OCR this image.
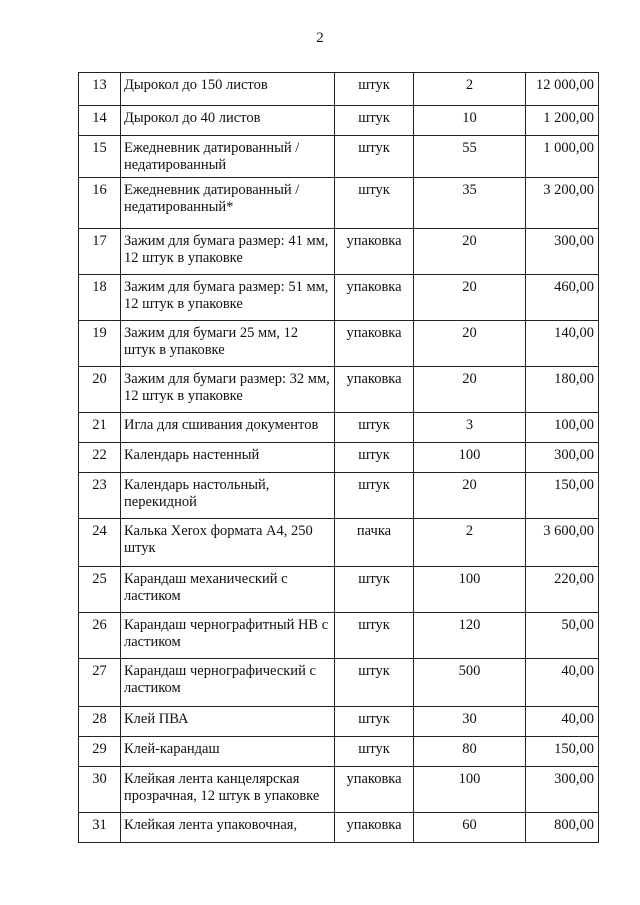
2
13	Дырокол до 150 листов	штук	2	12 000,00
14	Дырокол до 40 листов	штук	10	1 200,00
15	Ежедневник датированный / недатированный	штук	55	1 000,00
16	Ежедневник датированный / недатированный*	штук	35	3 200,00
17	Зажим для бумага размер: 41 мм, 12 штук в упаковке	упаковка	20	300,00
18	Зажим для бумага размер: 51 мм, 12 штук в упаковке	упаковка	20	460,00
19	Зажим для бумаги 25 мм, 12 штук в упаковке	упаковка	20	140,00
20	Зажим для бумаги размер: 32 мм, 12 штук в упаковке	упаковка	20	180,00
21	Игла для сшивания документов	штук	3	100,00
22	Календарь настенный	штук	100	300,00
23	Календарь настольный, перекидной	штук	20	150,00
24	Калька Xerox формата А4, 250 штук	пачка	2	3 600,00
25	Карандаш механический с ластиком	штук	100	220,00
26	Карандаш чернографитный НВ с ластиком	штук	120	50,00
27	Карандаш чернографический с ластиком	штук	500	40,00
28	Клей ПВА	штук	30	40,00
29	Клей-карандаш	штук	80	150,00
30	Клейкая лента канцелярская прозрачная, 12 штук в упаковке	упаковка	100	300,00
31	Клейкая лента упаковочная,	упаковка	60	800,00
